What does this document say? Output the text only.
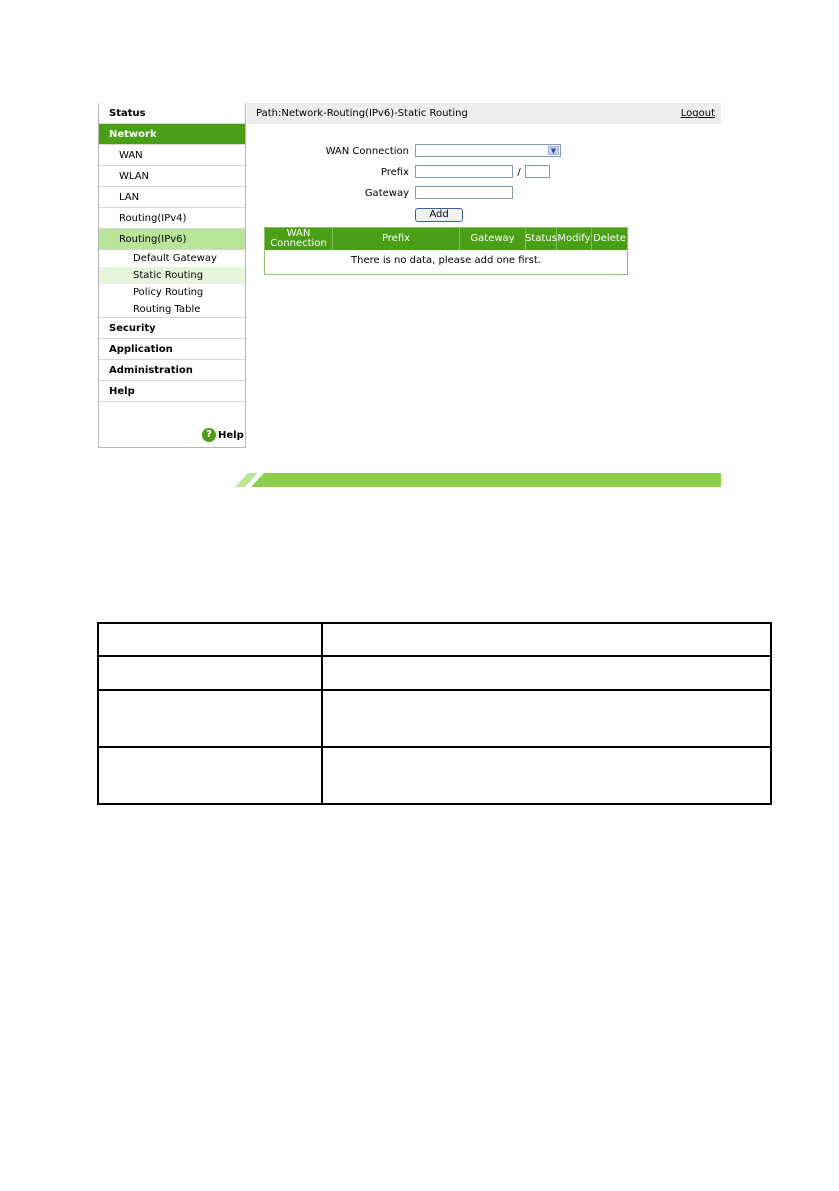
Status
Network
WAN
WLAN
LAN
Routing(IPv4)
Routing(IPv6)
Default Gateway
Static Routing
Policy Routing
Routing Table
Security
Application
Administration
Help
? Help
Path:Network-Routing(IPv6)-Static Routing	Logout
WAN Connection	▼
Prefix	/
Gateway
Add
WAN Connection	Prefix	Gateway	Status Modify Delete
There is no data, please add one first.
